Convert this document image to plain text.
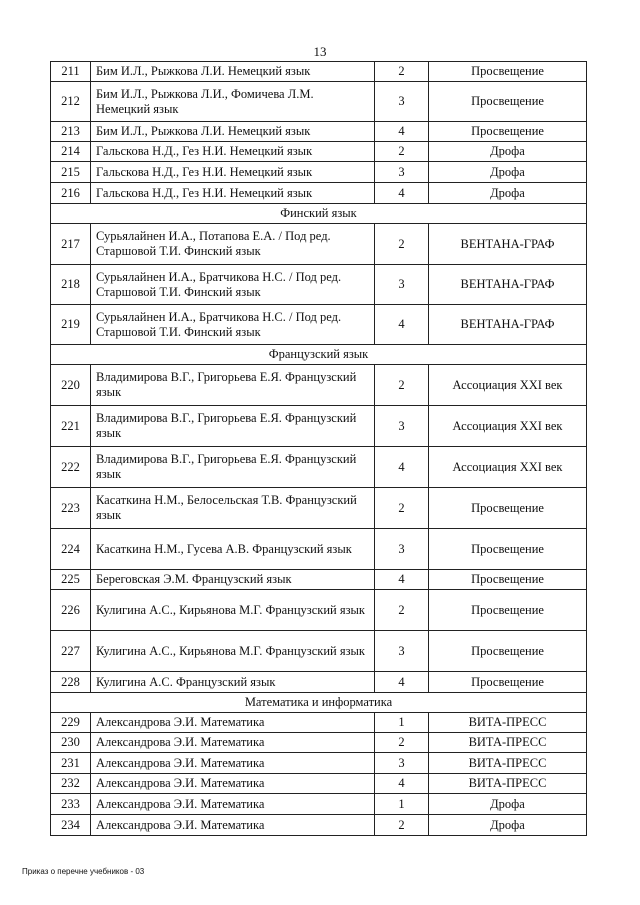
13
211	Бим И.Л., Рыжкова Л.И. Немецкий язык	2	Просвещение
212	Бим И.Л., Рыжкова Л.И., Фомичева Л.М. Немецкий язык	3	Просвещение
213	Бим И.Л., Рыжкова Л.И. Немецкий язык	4	Просвещение
214	Гальскова Н.Д., Гез Н.И. Немецкий язык	2	Дрофа
215	Гальскова Н.Д., Гез Н.И. Немецкий язык	3	Дрофа
216	Гальскова Н.Д., Гез Н.И. Немецкий язык	4	Дрофа
Финский язык			
217	Сурьялайнен И.А., Потапова Е.А. / Под ред. Старшовой Т.И. Финский язык	2	ВЕНТАНА-ГРАФ
218	Сурьялайнен И.А., Братчикова Н.С. / Под ред. Старшовой Т.И. Финский язык	3	ВЕНТАНА-ГРАФ
219	Сурьялайнен И.А., Братчикова Н.С. / Под ред. Старшовой Т.И. Финский язык	4	ВЕНТАНА-ГРАФ
Французский язык			
220	Владимирова В.Г., Григорьева Е.Я. Французский язык	2	Ассоциация XXI век
221	Владимирова В.Г., Григорьева Е.Я. Французский язык	3	Ассоциация XXI век
222	Владимирова В.Г., Григорьева Е.Я. Французский язык	4	Ассоциация XXI век
223	Касаткина Н.М., Белосельская Т.В. Французский язык	2	Просвещение
224	Касаткина Н.М., Гусева А.В. Французский язык	3	Просвещение
225	Береговская Э.М. Французский язык	4	Просвещение
226	Кулигина А.С., Кирьянова М.Г. Французский язык	2	Просвещение
227	Кулигина А.С., Кирьянова М.Г. Французский язык	3	Просвещение
228	Кулигина А.С. Французский язык	4	Просвещение
Математика и информатика			
229	Александрова Э.И. Математика	1	ВИТА-ПРЕСС
230	Александрова Э.И. Математика	2	ВИТА-ПРЕСС
231	Александрова Э.И. Математика	3	ВИТА-ПРЕСС
232	Александрова Э.И. Математика	4	ВИТА-ПРЕСС
233	Александрова Э.И. Математика	1	Дрофа
234	Александрова Э.И. Математика	2	Дрофа
Приказ о перечне учебников - 03
